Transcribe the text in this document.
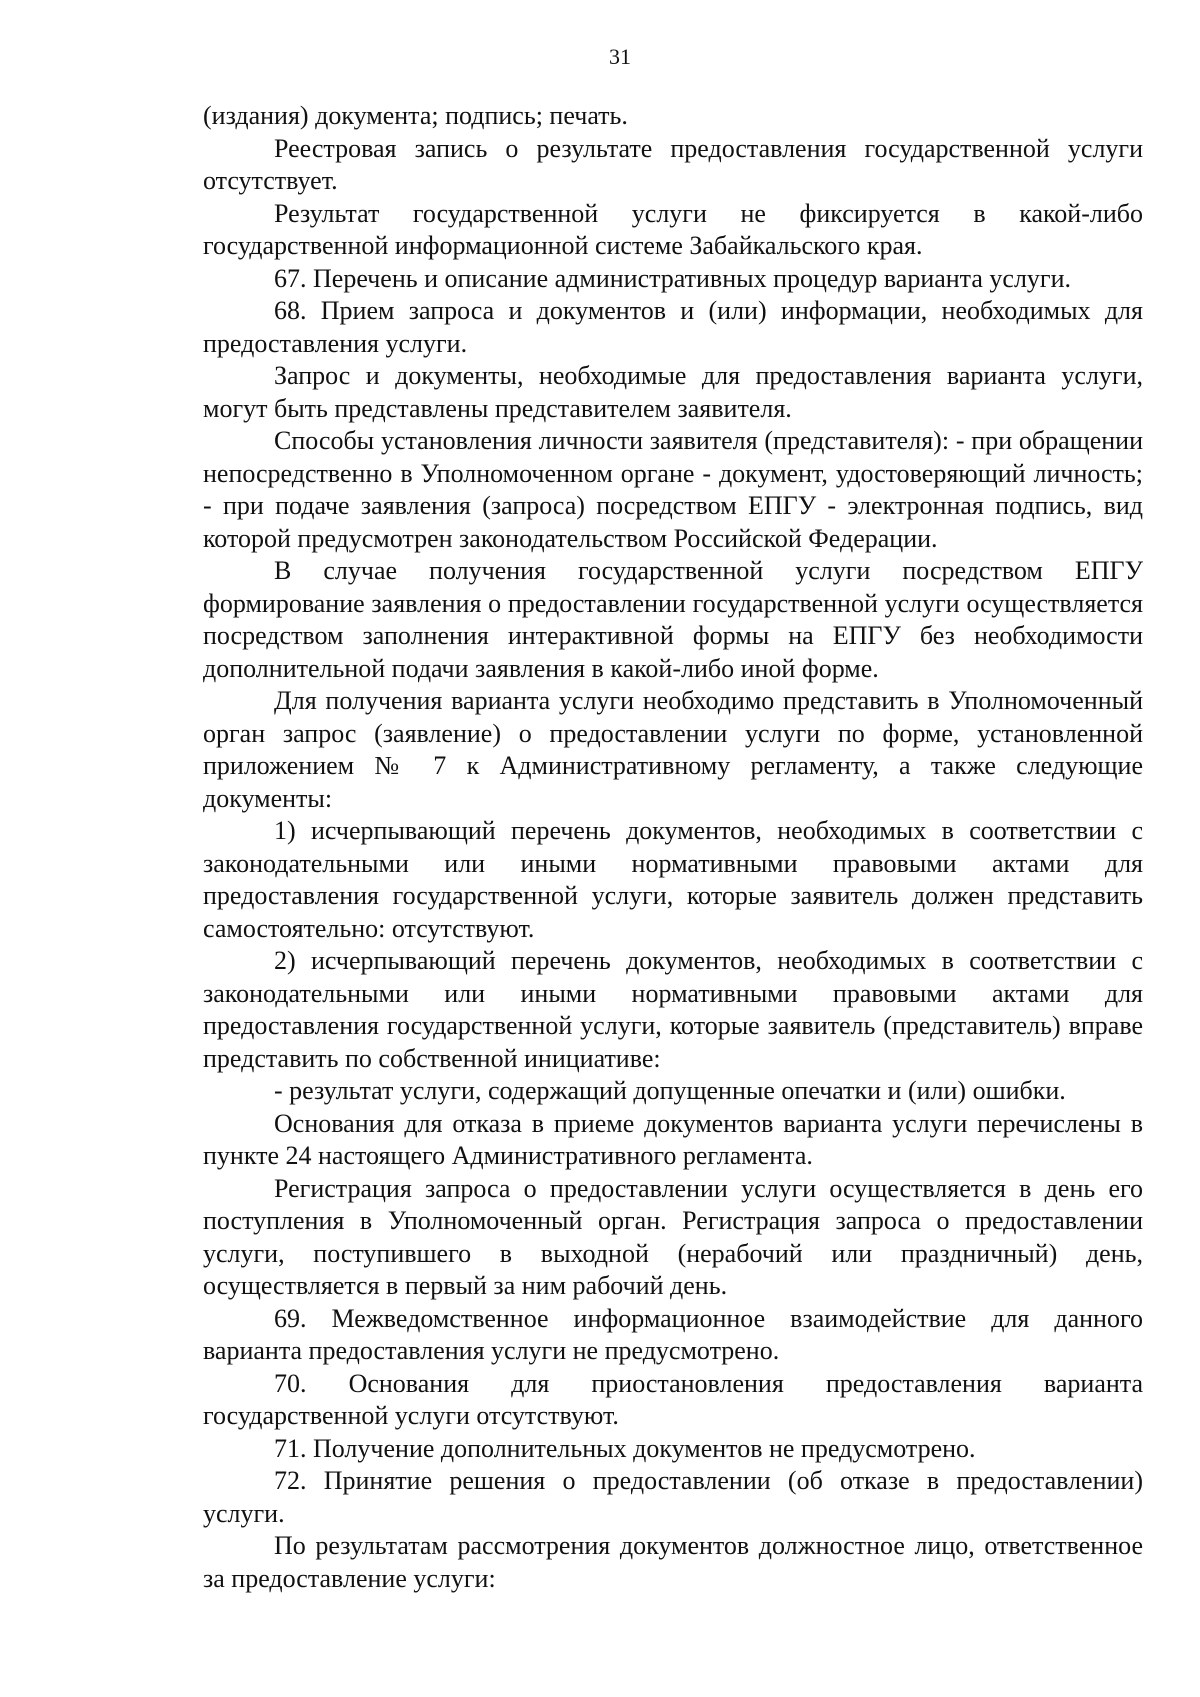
31

(издания) документа; подпись; печать.

Реестровая запись о результате предоставления государственной услуги отсутствует.

Результат государственной услуги не фиксируется в какой-либо государственной информационной системе Забайкальского края.

67. Перечень и описание административных процедур варианта услуги.

68. Прием запроса и документов и (или) информации, необходимых для предоставления услуги.

Запрос и документы, необходимые для предоставления варианта услуги, могут быть представлены представителем заявителя.

Способы установления личности заявителя (представителя): - при обращении непосредственно в Уполномоченном органе - документ, удостоверяющий личность; - при подаче заявления (запроса) посредством ЕПГУ - электронная подпись, вид которой предусмотрен законодательством Российской Федерации.

В случае получения государственной услуги посредством ЕПГУ формирование заявления о предоставлении государственной услуги осуществляется посредством заполнения интерактивной формы на ЕПГУ без необходимости дополнительной подачи заявления в какой-либо иной форме.

Для получения варианта услуги необходимо представить в Уполномоченный орган запрос (заявление) о предоставлении услуги по форме, установленной приложением № 7 к Административному регламенту, а также следующие документы:

1) исчерпывающий перечень документов, необходимых в соответствии с законодательными или иными нормативными правовыми актами для предоставления государственной услуги, которые заявитель должен представить самостоятельно: отсутствуют.

2) исчерпывающий перечень документов, необходимых в соответствии с законодательными или иными нормативными правовыми актами для предоставления государственной услуги, которые заявитель (представитель) вправе представить по собственной инициативе:

- результат услуги, содержащий допущенные опечатки и (или) ошибки.

Основания для отказа в приеме документов варианта услуги перечислены в пункте 24 настоящего Административного регламента.

Регистрация запроса о предоставлении услуги осуществляется в день его поступления в Уполномоченный орган. Регистрация запроса о предоставлении услуги, поступившего в выходной (нерабочий или праздничный) день, осуществляется в первый за ним рабочий день.

69. Межведомственное информационное взаимодействие для данного варианта предоставления услуги не предусмотрено.

70. Основания для приостановления предоставления варианта государственной услуги отсутствуют.

71. Получение дополнительных документов не предусмотрено.

72. Принятие решения о предоставлении (об отказе в предоставлении) услуги.

По результатам рассмотрения документов должностное лицо, ответственное за предоставление услуги:
